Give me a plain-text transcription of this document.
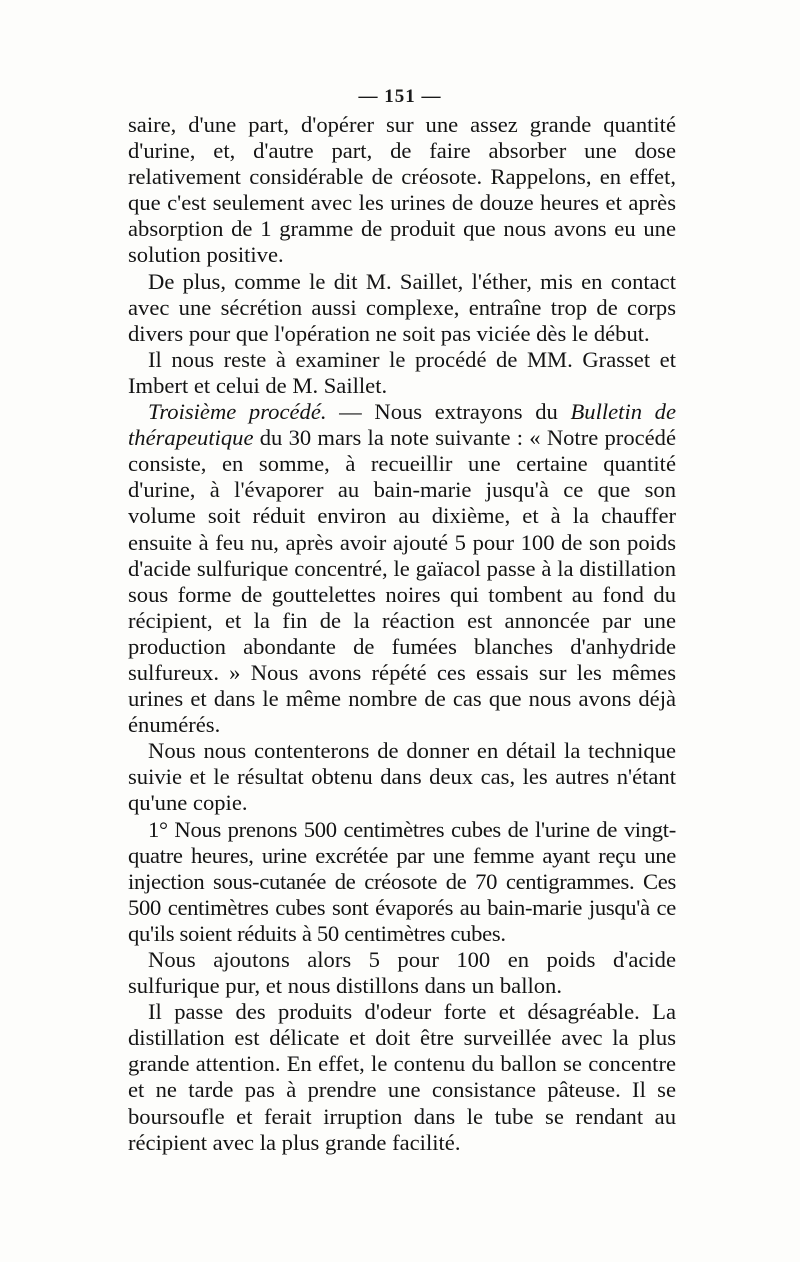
— 151 —

saire, d'une part, d'opérer sur une assez grande quantité d'urine, et, d'autre part, de faire absorber une dose relativement considérable de créosote. Rappelons, en effet, que c'est seulement avec les urines de douze heures et après absorption de 1 gramme de produit que nous avons eu une solution positive.

De plus, comme le dit M. Saillet, l'éther, mis en contact avec une sécrétion aussi complexe, entraîne trop de corps divers pour que l'opération ne soit pas viciée dès le début.

Il nous reste à examiner le procédé de MM. Grasset et Imbert et celui de M. Saillet.

Troisième procédé. — Nous extrayons du Bulletin de thérapeutique du 30 mars la note suivante : « Notre procédé consiste, en somme, à recueillir une certaine quantité d'urine, à l'évaporer au bain-marie jusqu'à ce que son volume soit réduit environ au dixième, et à la chauffer ensuite à feu nu, après avoir ajouté 5 pour 100 de son poids d'acide sulfurique concentré, le gaïacol passe à la distillation sous forme de gouttelettes noires qui tombent au fond du récipient, et la fin de la réaction est annoncée par une production abondante de fumées blanches d'anhydride sulfureux. » Nous avons répété ces essais sur les mêmes urines et dans le même nombre de cas que nous avons déjà énumérés.

Nous nous contenterons de donner en détail la technique suivie et le résultat obtenu dans deux cas, les autres n'étant qu'une copie.

1° Nous prenons 500 centimètres cubes de l'urine de vingt-quatre heures, urine excrétée par une femme ayant reçu une injection sous-cutanée de créosote de 70 centigrammes. Ces 500 centimètres cubes sont évaporés au bain-marie jusqu'à ce qu'ils soient réduits à 50 centimètres cubes.

Nous ajoutons alors 5 pour 100 en poids d'acide sulfurique pur, et nous distillons dans un ballon.

Il passe des produits d'odeur forte et désagréable. La distillation est délicate et doit être surveillée avec la plus grande attention. En effet, le contenu du ballon se concentre et ne tarde pas à prendre une consistance pâteuse. Il se boursoufle et ferait irruption dans le tube se rendant au récipient avec la plus grande facilité.
